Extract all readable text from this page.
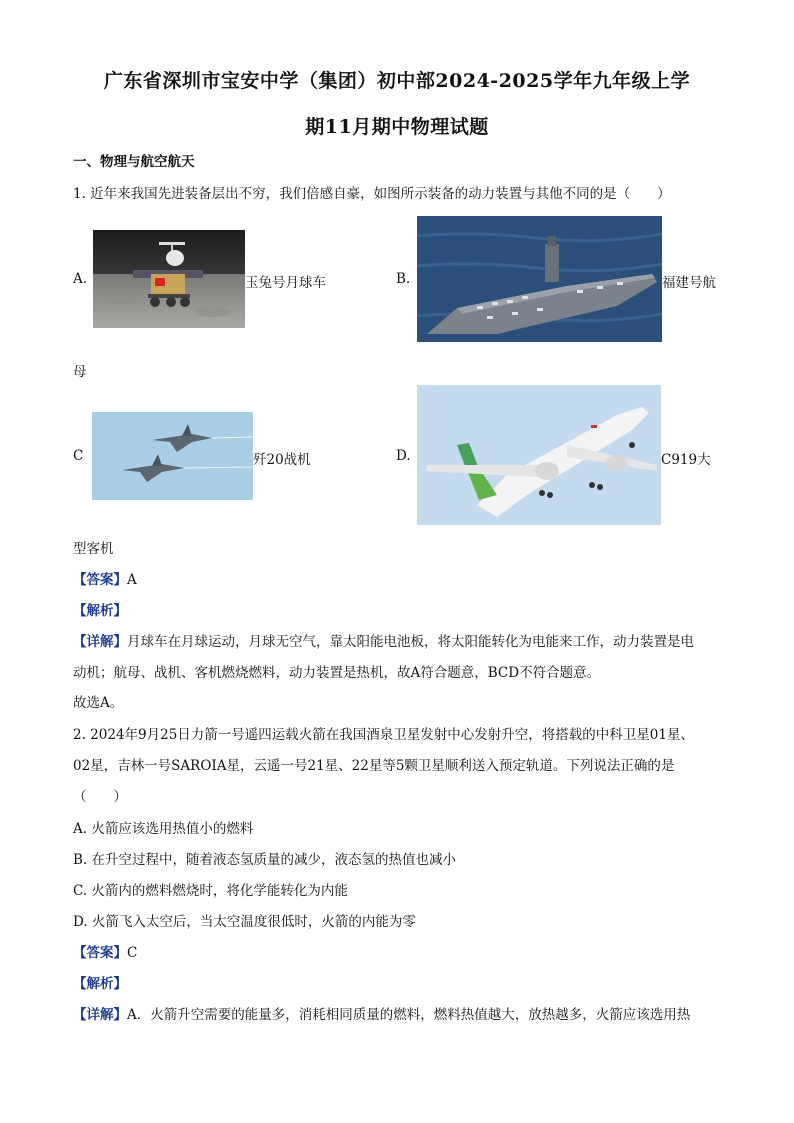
广东省深圳市宝安中学（集团）初中部2024-2025学年九年级上学
期11月期中物理试题
一、物理与航空航天
1. 近年来我国先进装备层出不穷，我们倍感自豪，如图所示装备的动力装置与其他不同的是（　　）
A.	玉兔号月球车	B.	福建号航
母
C	歼20战机	D.	C919大
型客机
【答案】A
【解析】
【详解】月球车在月球运动，月球无空气，靠太阳能电池板，将太阳能转化为电能来工作，动力装置是电
动机；航母、战机、客机燃烧燃料，动力装置是热机，故A符合题意，BCD不符合题意。
故选A。
2. 2024年9月25日力箭一号遥四运载火箭在我国酒泉卫星发射中心发射升空，将搭载的中科卫星01星、
02星，吉林一号SAROIA星，云遥一号21星、22星等5颗卫星顺利送入预定轨道。下列说法正确的是
（　　）
A. 火箭应该选用热值小的燃料
B. 在升空过程中，随着液态氢质量的减少，液态氢的热值也减小
C. 火箭内的燃料燃烧时，将化学能转化为内能
D. 火箭飞入太空后，当太空温度很低时，火箭的内能为零
【答案】C
【解析】
【详解】A．火箭升空需要的能量多，消耗相同质量的燃料，燃料热值越大，放热越多，火箭应该选用热
